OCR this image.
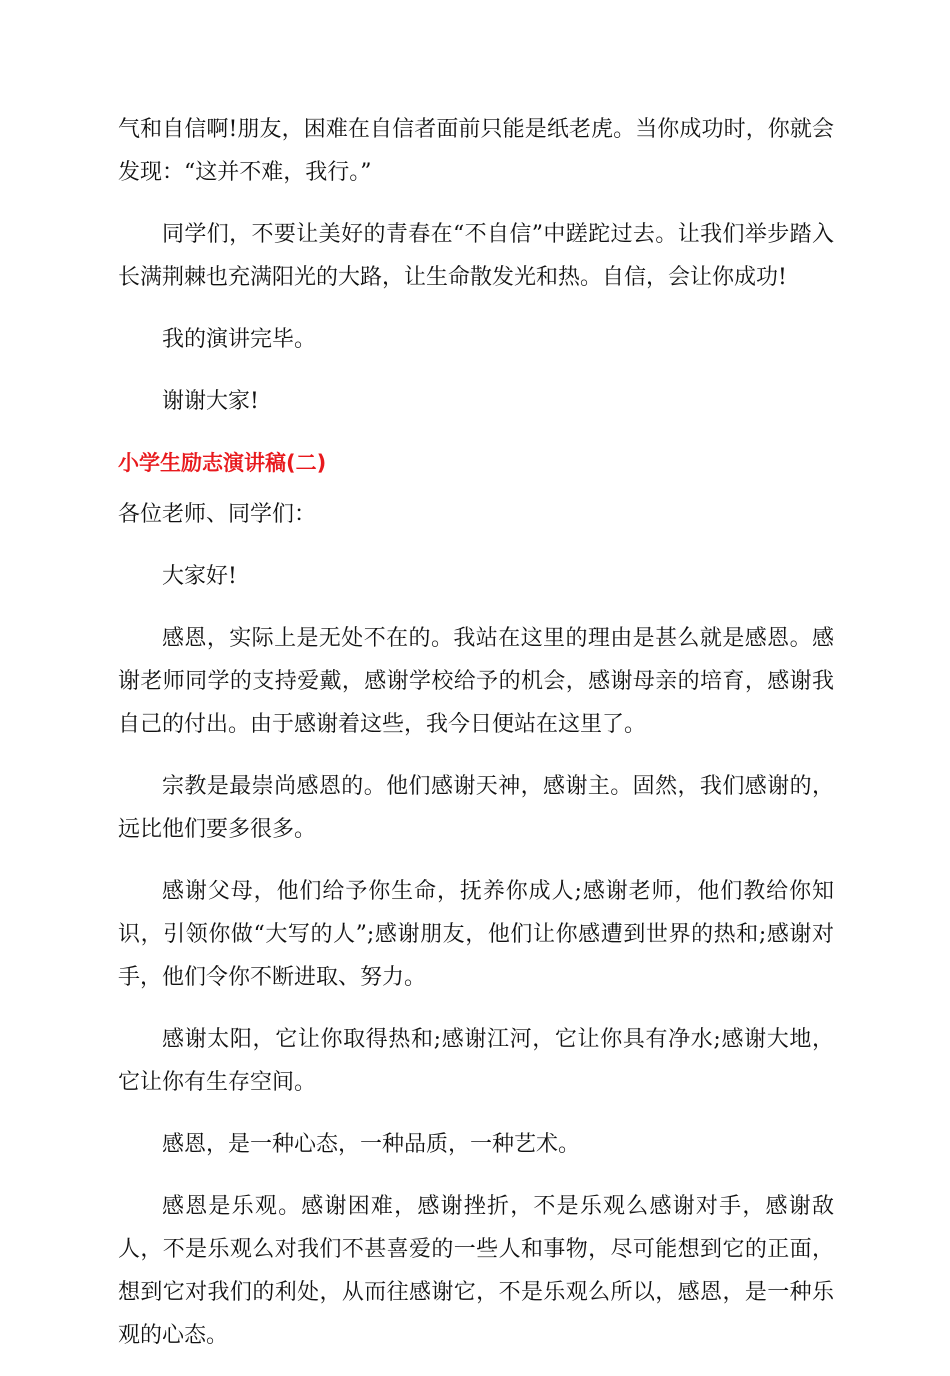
气和自信啊!朋友，困难在自信者面前只能是纸老虎。当你成功时，你就会发现：“这并不难，我行。”

同学们，不要让美好的青春在“不自信”中蹉跎过去。让我们举步踏入长满荆棘也充满阳光的大路，让生命散发光和热。自信，会让你成功!

我的演讲完毕。

谢谢大家!

小学生励志演讲稿(二)

各位老师、同学们：

大家好!

感恩，实际上是无处不在的。我站在这里的理由是甚么就是感恩。感谢老师同学的支持爱戴，感谢学校给予的机会，感谢母亲的培育，感谢我自己的付出。由于感谢着这些，我今日便站在这里了。

宗教是最崇尚感恩的。他们感谢天神，感谢主。固然，我们感谢的，远比他们要多很多。

感谢父母，他们给予你生命，抚养你成人;感谢老师，他们教给你知识，引领你做“大写的人”;感谢朋友，他们让你感遭到世界的热和;感谢对手，他们令你不断进取、努力。

感谢太阳，它让你取得热和;感谢江河，它让你具有净水;感谢大地，它让你有生存空间。

感恩，是一种心态，一种品质，一种艺术。

感恩是乐观。感谢困难，感谢挫折，不是乐观么感谢对手，感谢敌人，不是乐观么对我们不甚喜爱的一些人和事物，尽可能想到它的正面，想到它对我们的利处，从而往感谢它，不是乐观么所以，感恩，是一种乐观的心态。
